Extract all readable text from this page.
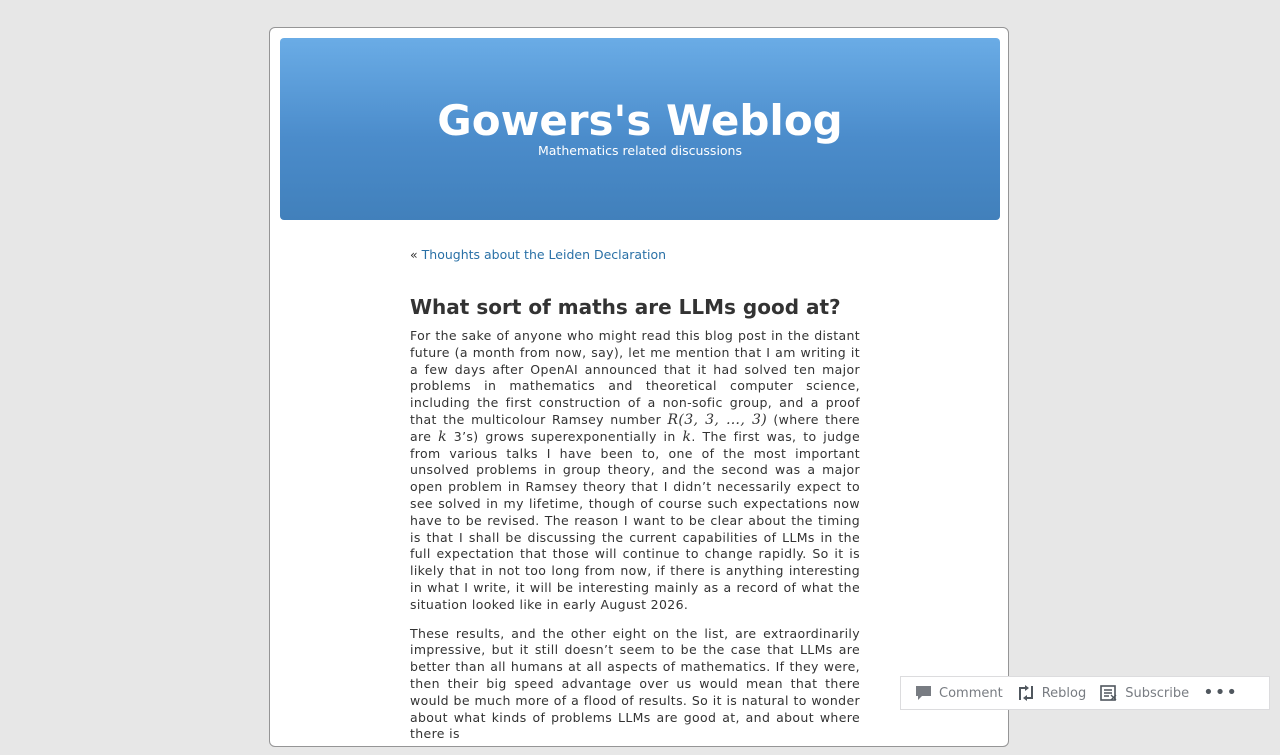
Gowers's Weblog
Mathematics related discussions
« Thoughts about the Leiden Declaration
What sort of maths are LLMs good at?

For the sake of anyone who might read this blog post in the distant future (a month from now, say), let me mention that I am writing it a few days after OpenAI announced that it had solved ten major problems in mathematics and theoretical computer science, including the first construction of a non-sofic group, and a proof that the multicolour Ramsey number R(3, 3, …, 3) (where there are k 3’s) grows superexponentially in k. The first was, to judge from various talks I have been to, one of the most important unsolved problems in group theory, and the second was a major open problem in Ramsey theory that I didn’t necessarily expect to see solved in my lifetime, though of course such expectations now have to be revised. The reason I want to be clear about the timing is that I shall be discussing the current capabilities of LLMs in the full expectation that those will continue to change rapidly. So it is likely that in not too long from now, if there is anything interesting in what I write, it will be interesting mainly as a record of what the situation looked like in early August 2026.

These results, and the other eight on the list, are extraordinarily impressive, but it still doesn’t seem to be the case that LLMs are better than all humans at all aspects of mathematics. If they were, then their big speed advantage over us would mean that there would be much more of a flood of results. So it is natural to wonder about what kinds of problems LLMs are good at, and about where there is

Comment	Reblog	Subscribe •••
